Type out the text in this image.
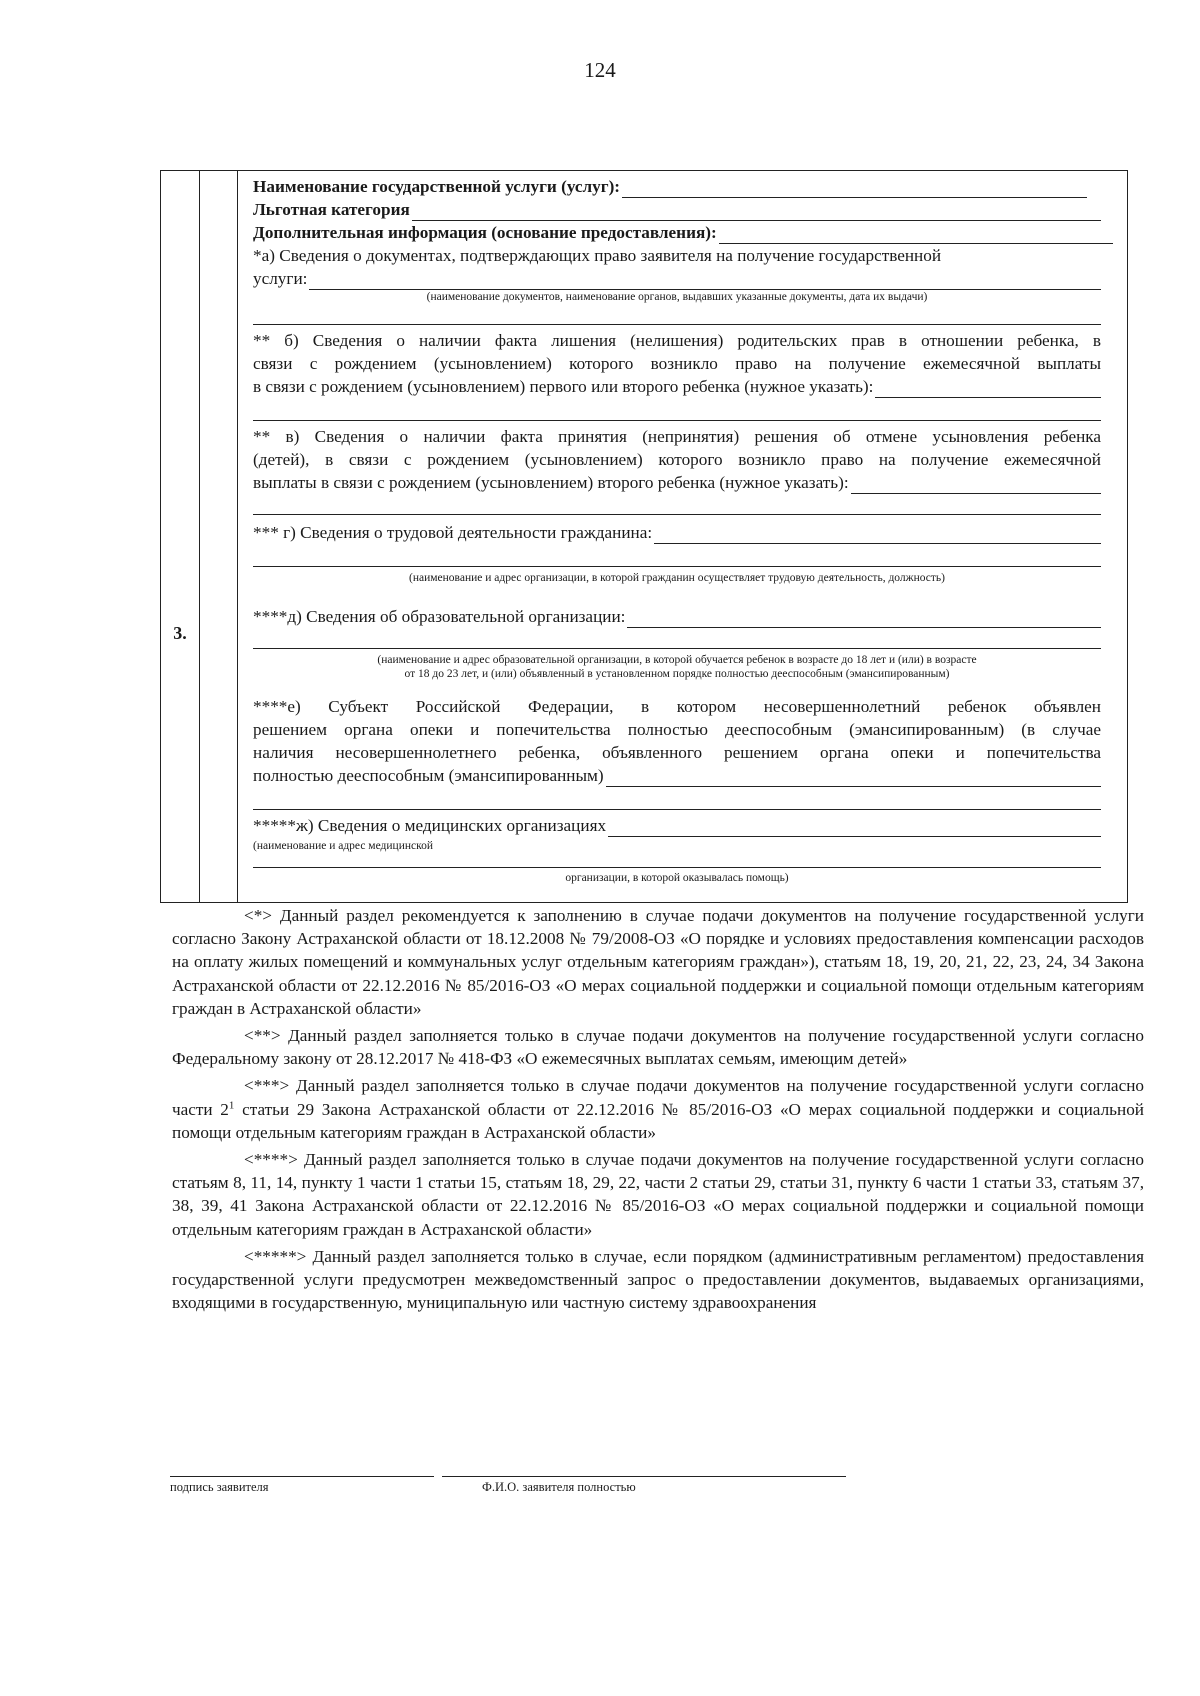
124
3.
Наименование государственной услуги (услуг):
Льготная категория
Дополнительная информация (основание предоставления):
*а) Сведения о документах, подтверждающих право заявителя на получение государственной
услуги:
(наименование документов, наименование органов, выдавших указанные документы, дата их выдачи)
** б) Сведения о наличии факта лишения (нелишения) родительских прав в отношении ребенка, в
связи с рождением (усыновлением) которого возникло право на получение ежемесячной выплаты
в связи с рождением (усыновлением) первого или второго ребенка (нужное указать):
** в) Сведения о наличии факта принятия (непринятия) решения об отмене усыновления ребенка
(детей), в связи с рождением (усыновлением) которого возникло право на получение ежемесячной
выплаты в связи с рождением (усыновлением) второго ребенка (нужное указать):
*** г) Сведения о трудовой деятельности гражданина:
(наименование и адрес организации, в которой гражданин осуществляет трудовую деятельность, должность)
****д) Сведения об образовательной организации:
(наименование и адрес образовательной организации, в которой обучается ребенок в возрасте до 18 лет и (или) в возрасте
от 18 до 23 лет, и (или) объявленный в установленном порядке полностью дееспособным (эмансипированным)
****е) Субъект Российской Федерации, в котором несовершеннолетний ребенок объявлен
решением органа опеки и попечительства полностью дееспособным (эмансипированным) (в случае
наличия несовершеннолетнего ребенка, объявленного решением органа опеки и попечительства
полностью дееспособным (эмансипированным)
*****ж) Сведения о медицинских организациях
(наименование и адрес медицинской
организации, в которой оказывалась помощь)

<*> Данный раздел рекомендуется к заполнению в случае подачи документов на получение государственной услуги согласно Закону Астраханской области от 18.12.2008 № 79/2008-ОЗ «О порядке и условиях предоставления компенсации расходов на оплату жилых помещений и коммунальных услуг отдельным категориям граждан»), статьям 18, 19, 20, 21, 22, 23, 24, 34 Закона Астраханской области от 22.12.2016 № 85/2016-ОЗ «О мерах социальной поддержки и социальной помощи отдельным категориям граждан в Астраханской области»

<**> Данный раздел заполняется только в случае подачи документов на получение государственной услуги согласно Федеральному закону от 28.12.2017 № 418-ФЗ «О ежемесячных выплатах семьям, имеющим детей»

<***> Данный раздел заполняется только в случае подачи документов на получение государственной услуги согласно части $2^1$ статьи 29 Закона Астраханской области от 22.12.2016 № 85/2016-ОЗ «О мерах социальной поддержки и социальной помощи отдельным категориям граждан в Астраханской области»

<****> Данный раздел заполняется только в случае подачи документов на получение государственной услуги согласно статьям 8, 11, 14, пункту 1 части 1 статьи 15, статьям 18, 29, 22, части 2 статьи 29, статьи 31, пункту 6 части 1 статьи 33, статьям 37, 38, 39, 41 Закона Астраханской области от 22.12.2016 № 85/2016-ОЗ «О мерах социальной поддержки и социальной помощи отдельным категориям граждан в Астраханской области»

<*****> Данный раздел заполняется только в случае, если порядком (административным регламентом) предоставления государственной услуги предусмотрен межведомственный запрос о предоставлении документов, выдаваемых организациями, входящими в государственную, муниципальную или частную систему здравоохранения

подпись заявителя	Ф.И.О. заявителя полностью
